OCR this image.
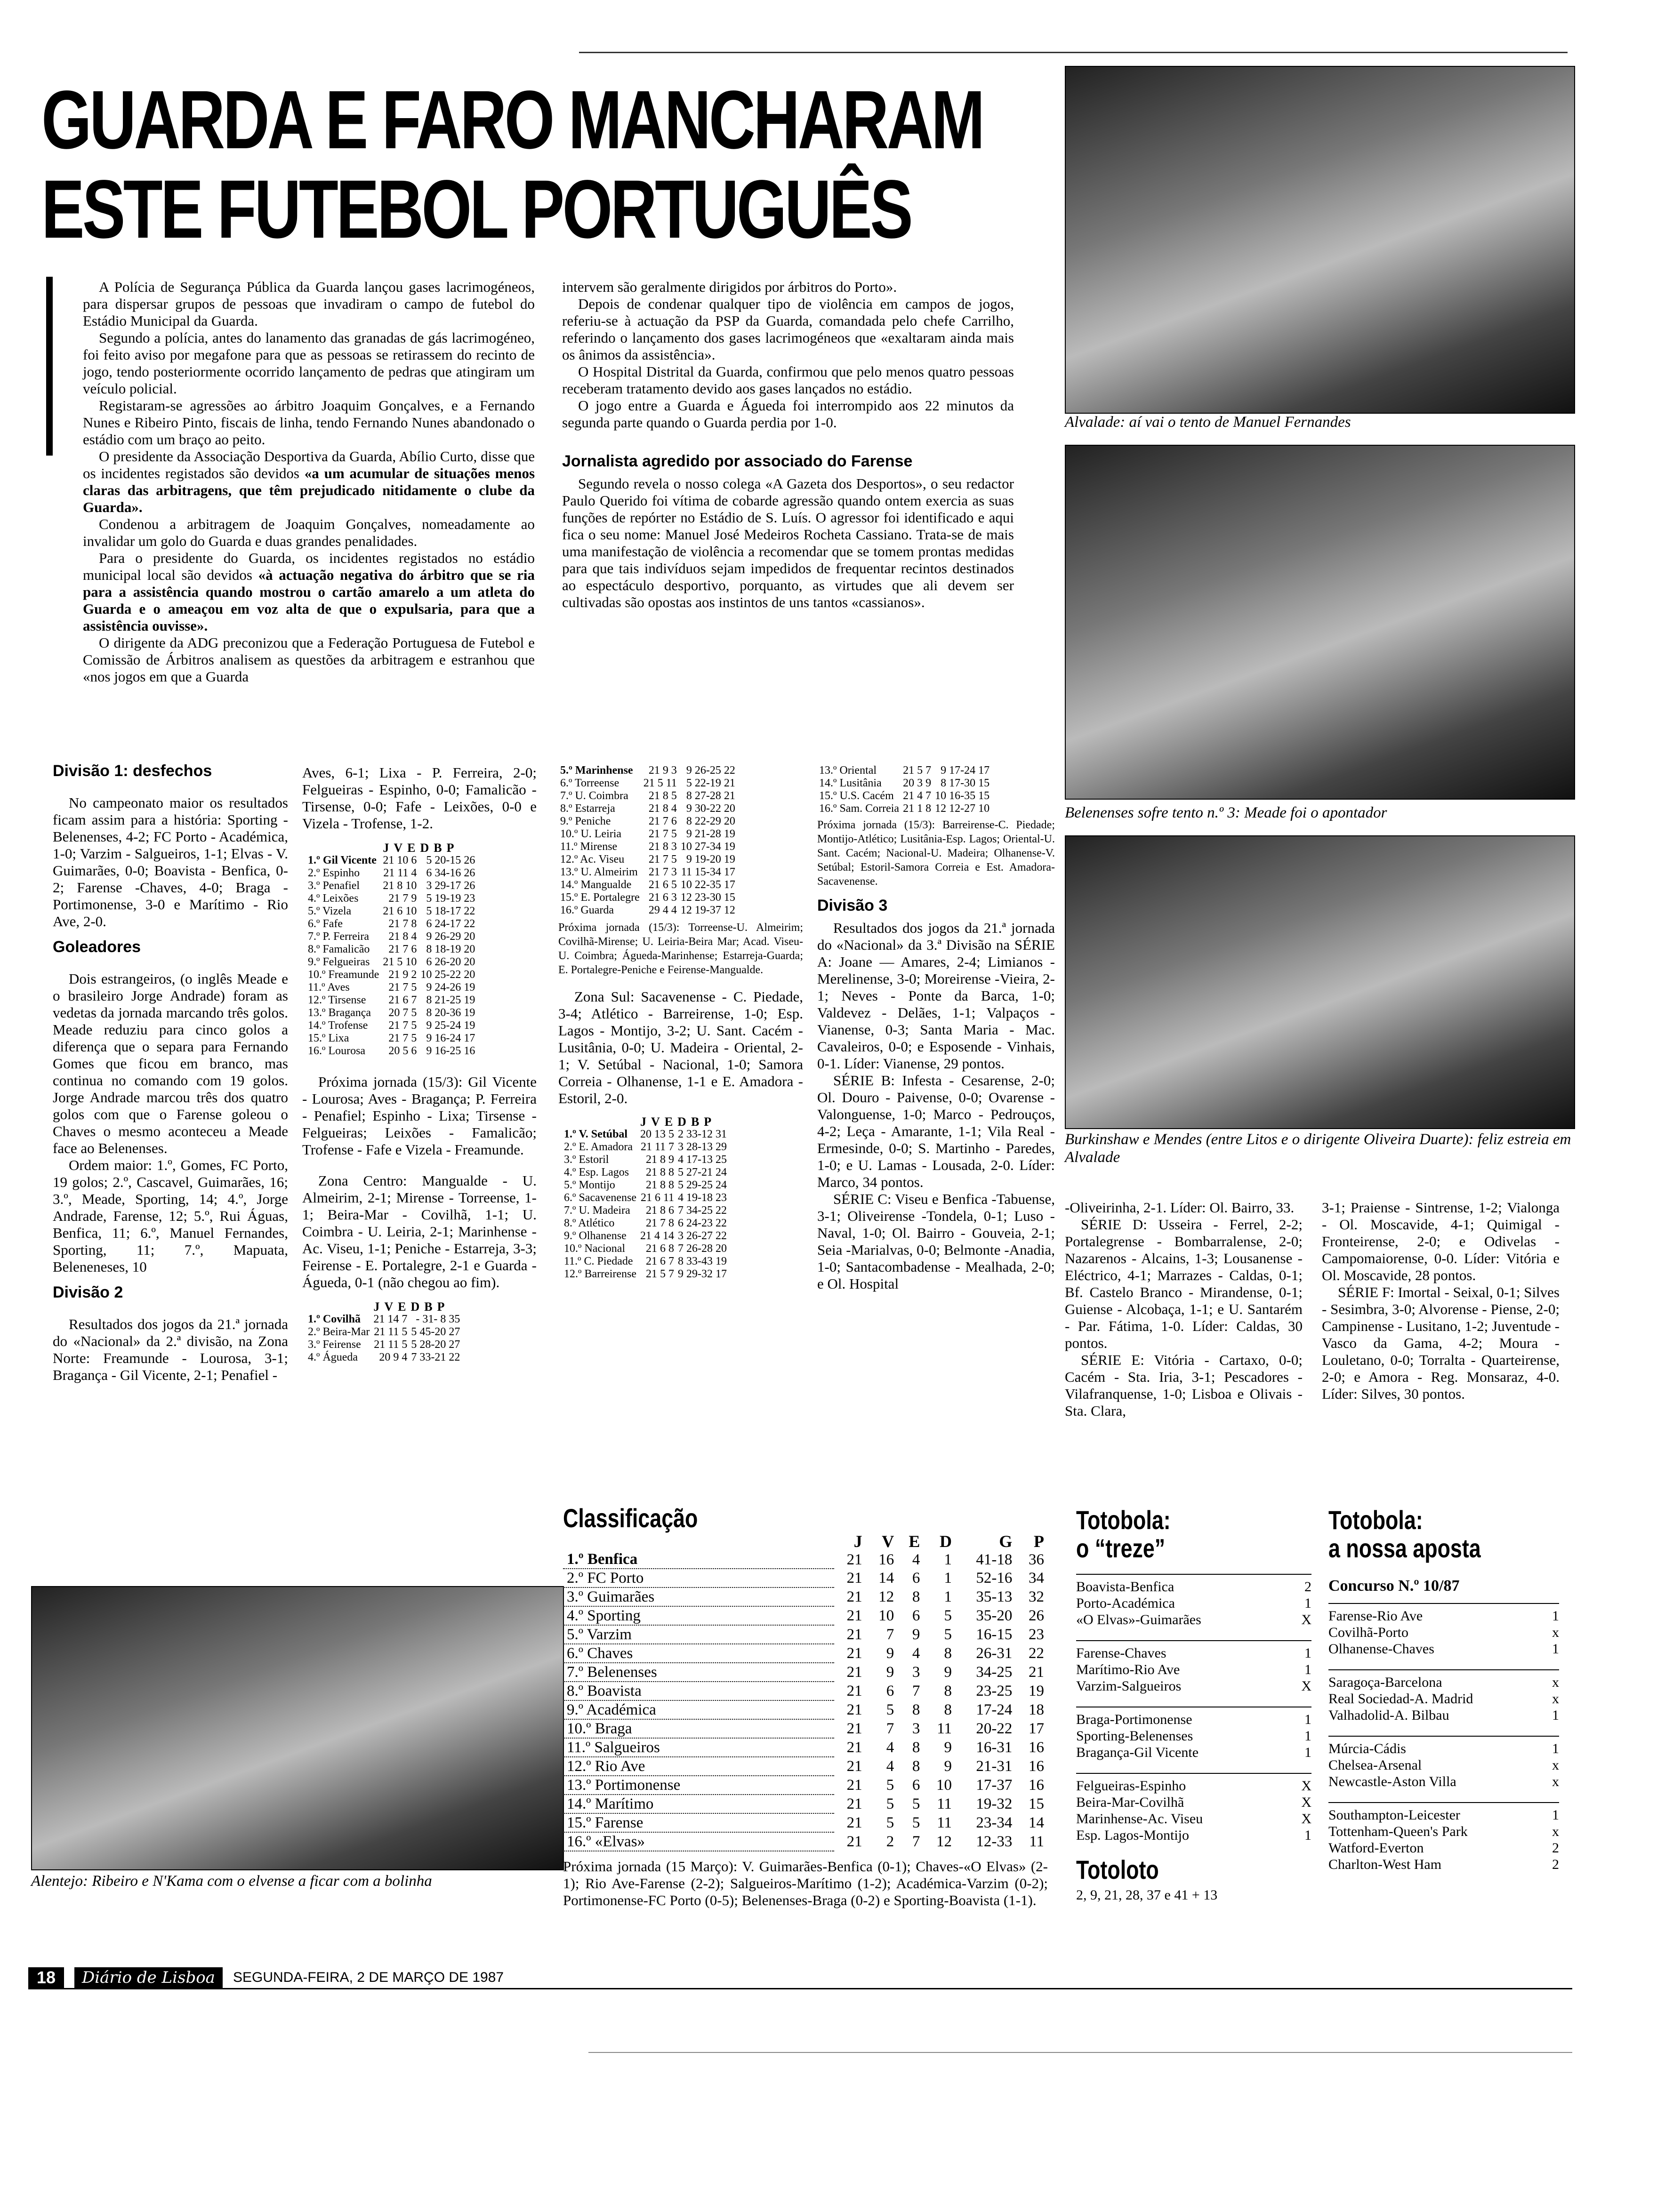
GUARDA E FARO MANCHARAM
ESTE FUTEBOL PORTUGUÊS

A Polícia de Segurança Pública da Guarda lançou gases lacrimogéneos, para dispersar grupos de pessoas que invadiram o campo de futebol do Estádio Municipal da Guarda.

Segundo a polícia, antes do lanamento das granadas de gás lacrimogéneo, foi feito aviso por megafone para que as pessoas se retirassem do recinto de jogo, tendo posteriormente ocorrido lançamento de pedras que atingiram um veículo policial.

Registaram-se agressões ao árbitro Joaquim Gonçalves, e a Fernando Nunes e Ribeiro Pinto, fiscais de linha, tendo Fernando Nunes abandonado o estádio com um braço ao peito.

O presidente da Associação Desportiva da Guarda, Abílio Curto, disse que os incidentes registados são devidos «a um acumular de situações menos claras das arbitragens, que têm prejudicado nitidamente o clube da Guarda».

Condenou a arbitragem de Joaquim Gonçalves, nomeadamente ao invalidar um golo do Guarda e duas grandes penalidades.

Para o presidente do Guarda, os incidentes registados no estádio municipal local são devidos «à actuação negativa do árbitro que se ria para a assistência quando mostrou o cartão amarelo a um atleta do Guarda e o ameaçou em voz alta de que o expulsaria, para que a assistência ouvisse».

O dirigente da ADG preconizou que a Federação Portuguesa de Futebol e Comissão de Árbitros analisem as questões da arbitragem e estranhou que «nos jogos em que a Guarda

intervem são geralmente dirigidos por árbitros do Porto».

Depois de condenar qualquer tipo de violência em campos de jogos, referiu-se à actuação da PSP da Guarda, comandada pelo chefe Carrilho, referindo o lançamento dos gases lacrimogéneos que «exaltaram ainda mais os ânimos da assistência».

O Hospital Distrital da Guarda, confirmou que pelo menos quatro pessoas receberam tratamento devido aos gases lançados no estádio.

O jogo entre a Guarda e Águeda foi interrompido aos 22 minutos da segunda parte quando o Guarda perdia por 1-0.

Jornalista agredido por associado do Farense

Segundo revela o nosso colega «A Gazeta dos Desportos», o seu redactor Paulo Querido foi vítima de cobarde agressão quando ontem exercia as suas funções de repórter no Estádio de S. Luís. O agressor foi identificado e aqui fica o seu nome: Manuel José Medeiros Rocheta Cassiano. Trata-se de mais uma manifestação de violência a recomendar que se tomem prontas medidas para que tais indivíduos sejam impedidos de frequentar recintos destinados ao espectáculo desportivo, porquanto, as virtudes que ali devem ser cultivadas são opostas aos instintos de uns tantos «cassianos».

Alvalade: aí vai o tento de Manuel Fernandes
Belenenses sofre tento n.º 3: Meade foi o apontador
Burkinshaw e Mendes (entre Litos e o dirigente Oliveira Duarte): feliz estreia em Alvalade
Divisão 1: desfechos

No campeonato maior os resultados ficam assim para a história: Sporting - Belenenses, 4-2; FC Porto - Académica, 1-0; Varzim - Salgueiros, 1-1; Elvas - V. Guimarães, 0-0; Boavista - Benfica, 0-2; Farense -Chaves, 4-0; Braga - Portimonense, 3-0 e Marítimo - Rio Ave, 2-0.

Goleadores

Dois estrangeiros, (o inglês Meade e o brasileiro Jorge Andrade) foram as vedetas da jornada marcando três golos. Meade reduziu para cinco golos a diferença que o separa para Fernando Gomes que ficou em branco, mas continua no comando com 19 golos. Jorge Andrade marcou três dos quatro golos com que o Farense goleou o Chaves o mesmo aconteceu a Meade face ao Belenenses.

Ordem maior: 1.º, Gomes, FC Porto, 19 golos; 2.º, Cascavel, Guimarães, 16; 3.º, Meade, Sporting, 14; 4.º, Jorge Andrade, Farense, 12; 5.º, Rui Águas, Benfica, 11; 6.º, Manuel Fernandes, Sporting, 11; 7.º, Mapuata, Beleneneses, 10

Divisão 2

Resultados dos jogos da 21.ª jornada do «Nacional» da 2.ª divisão, na Zona Norte: Freamunde - Lourosa, 3-1; Bragança - Gil Vicente, 2-1; Penafiel -

Alentejo: Ribeiro e N'Kama com o elvense a ficar com a bolinha

Aves, 6-1; Lixa - P. Ferreira, 2-0; Felgueiras - Espinho, 0-0; Famalicão - Tirsense, 0-0; Fafe - Leixões, 0-0 e Vizela - Trofense, 1-2.

	JVEDBP	
1.º Gil Vicente	21 10 6	5 20-15 26
2.º Espinho	21 11 4	6 34-16 26
3.º Penafiel	21 8 10	3 29-17 26
4.º Leixões	21 7 9	5 19-19 23
5.º Vizela	21 6 10	5 18-17 22
6.º Fafe	21 7 8	6 24-17 22
7.º P. Ferreira	21 8 4	9 26-29 20
8.º Famalicão	21 7 6	8 18-19 20
9.º Felgueiras	21 5 10	6 26-20 20
10.º Freamunde	21 9 2	10 25-22 20
11.º Aves	21 7 5	9 24-26 19
12.º Tirsense	21 6 7	8 21-25 19
13.º Bragança	20 7 5	8 20-36 19
14.º Trofense	21 7 5	9 25-24 19
15.º Lixa	21 7 5	9 16-24 17
16.º Lourosa	20 5 6	9 16-25 16

Próxima jornada (15/3): Gil Vicente - Lourosa; Aves - Bragança; P. Ferreira - Penafiel; Espinho - Lixa; Tirsense - Felgueiras; Leixões - Famalicão; Trofense - Fafe e Vizela - Freamunde.

Zona Centro: Mangualde - U. Almeirim, 2-1; Mirense - Torreense, 1-1; Beira-Mar - Covilhã, 1-1; U. Coimbra - U. Leiria, 2-1; Marinhense - Ac. Viseu, 1-1; Peniche - Estarreja, 3-3; Feirense - E. Portalegre, 2-1 e Guarda - Águeda, 0-1 (não chegou ao fim).

	JVEDBP	
1.º Covilhã	21 14 7	- 31- 8 35
2.º Beira-Mar	21 11 5	5 45-20 27
3.º Feirense	21 11 5	5 28-20 27
4.º Águeda	20 9 4	7 33-21 22
5.º Marinhense	21 9 3	9 26-25 22
6.º Torreense	21 5 11	5 22-19 21
7.º U. Coimbra	21 8 5	8 27-28 21
8.º Estarreja	21 8 4	9 30-22 20
9.º Peniche	21 7 6	8 22-29 20
10.º U. Leiria	21 7 5	9 21-28 19
11.º Mirense	21 8 3	10 27-34 19
12.º Ac. Viseu	21 7 5	9 19-20 19
13.º U. Almeirim	21 7 3	11 15-34 17
14.º Mangualde	21 6 5	10 22-35 17
15.º E. Portalegre	21 6 3	12 23-30 15
16.º Guarda	29 4 4	12 19-37 12

Próxima jornada (15/3): Torreense-U. Almeirim; Covilhã-Mirense; U. Leiria-Beira Mar; Acad. Viseu-U. Coimbra; Águeda-Marinhense; Estarreja-Guarda; E. Portalegre-Peniche e Feirense-Mangualde.

Zona Sul: Sacavenense - C. Piedade, 3-4; Atlético - Barreirense, 1-0; Esp. Lagos - Montijo, 3-2; U. Sant. Cacém - Lusitânia, 0-0; U. Madeira - Oriental, 2-1; V. Setúbal - Nacional, 1-0; Samora Correia - Olhanense, 1-1 e E. Amadora - Estoril, 2-0.

	JVEDBP	
1.º V. Setúbal	20 13 5	2 33-12 31
2.º E. Amadora	21 11 7	3 28-13 29
3.º Estoril	21 8 9	4 17-13 25
4.º Esp. Lagos	21 8 8	5 27-21 24
5.º Montijo	21 8 8	5 29-25 24
6.º Sacavenense	21 6 11	4 19-18 23
7.º U. Madeira	21 8 6	7 34-25 22
8.º Atlético	21 7 8	6 24-23 22
9.º Olhanense	21 4 14	3 26-27 22
10.º Nacional	21 6 8	7 26-28 20
11.º C. Piedade	21 6 7	8 33-43 19
12.º Barreirense	21 5 7	9 29-32 17
13.º Oriental	21 5 7	9 17-24 17
14.º Lusitânia	20 3 9	8 17-30 15
15.º U.S. Cacém	21 4 7	10 16-35 15
16.º Sam. Correia	21 1 8	12 12-27 10

Próxima jornada (15/3): Barreirense-C. Piedade; Montijo-Atlético; Lusitânia-Esp. Lagos; Oriental-U. Sant. Cacém; Nacional-U. Madeira; Olhanense-V. Setúbal; Estoril-Samora Correia e Est. Amadora-Sacavenense.

Divisão 3

Resultados dos jogos da 21.ª jornada do «Nacional» da 3.ª Divisão na SÉRIE A: Joane — Amares, 2-4; Limianos - Merelinense, 3-0; Moreirense -Vieira, 2-1; Neves - Ponte da Barca, 1-0; Valdevez - Delães, 1-1; Valpaços - Vianense, 0-3; Santa Maria - Mac. Cavaleiros, 0-0; e Esposende - Vinhais, 0-1. Líder: Vianense, 29 pontos.

SÉRIE B: Infesta - Cesarense, 2-0; Ol. Douro - Paivense, 0-0; Ovarense - Valonguense, 1-0; Marco - Pedrouços, 4-2; Leça - Amarante, 1-1; Vila Real - Ermesinde, 0-0; S. Martinho - Paredes, 1-0; e U. Lamas - Lousada, 2-0. Líder: Marco, 34 pontos.

SÉRIE C: Viseu e Benfica -Tabuense, 3-1; Oliveirense -Tondela, 0-1; Luso - Naval, 1-0; Ol. Bairro - Gouveia, 2-1; Seia -Marialvas, 0-0; Belmonte -Anadia, 1-0; Santacombadense - Mealhada, 2-0; e Ol. Hospital

-Oliveirinha, 2-1. Líder: Ol. Bairro, 33.

SÉRIE D: Usseira - Ferrel, 2-2; Portalegrense - Bombarralense, 2-0; Nazarenos - Alcains, 1-3; Lousanense - Eléctrico, 4-1; Marrazes - Caldas, 0-1; Bf. Castelo Branco - Mirandense, 0-1; Guiense - Alcobaça, 1-1; e U. Santarém - Par. Fátima, 1-0. Líder: Caldas, 30 pontos.

SÉRIE E: Vitória - Cartaxo, 0-0; Cacém - Sta. Iria, 3-1; Pescadores - Vilafranquense, 1-0; Lisboa e Olivais - Sta. Clara,

3-1; Praiense - Sintrense, 1-2; Vialonga - Ol. Moscavide, 4-1; Quimigal - Fronteirense, 2-0; e Odivelas - Campomaiorense, 0-0. Líder: Vitória e Ol. Moscavide, 28 pontos.

SÉRIE F: Imortal - Seixal, 0-1; Silves - Sesimbra, 3-0; Alvorense - Piense, 2-0; Campinense - Lusitano, 1-2; Juventude - Vasco da Gama, 4-2; Moura - Louletano, 0-0; Torralta - Quarteirense, 2-0; e Amora - Reg. Monsaraz, 4-0. Líder: Silves, 30 pontos.

Classificação
	J	V	E	D	G	P
1.º Benfica	21	16	4	1	41-18	36
2.º FC Porto	21	14	6	1	52-16	34
3.º Guimarães	21	12	8	1	35-13	32
4.º Sporting	21	10	6	5	35-20	26
5.º Varzim	21	7	9	5	16-15	23
6.º Chaves	21	9	4	8	26-31	22
7.º Belenenses	21	9	3	9	34-25	21
8.º Boavista	21	6	7	8	23-25	19
9.º Académica	21	5	8	8	17-24	18
10.º Braga	21	7	3	11	20-22	17
11.º Salgueiros	21	4	8	9	16-31	16
12.º Rio Ave	21	4	8	9	21-31	16
13.º Portimonense	21	5	6	10	17-37	16
14.º Marítimo	21	5	5	11	19-32	15
15.º Farense	21	5	5	11	23-34	14
16.º «Elvas»	21	2	7	12	12-33	11
Próxima jornada (15 Março): V. Guimarães-Benfica (0-1); Chaves-«O Elvas» (2-1); Rio Ave-Farense (2-2); Salgueiros-Marítimo (1-2); Académica-Varzim (0-2); Portimonense-FC Porto (0-5); Belenenses-Braga (0-2) e Sporting-Boavista (1-1).
Totobola:
o “treze”
Boavista-Benfica	2
Porto-Académica	1
«O Elvas»-Guimarães	X
Farense-Chaves	1
Marítimo-Rio Ave	1
Varzim-Salgueiros	X
Braga-Portimonense	1
Sporting-Belenenses	1
Bragança-Gil Vicente	1
Felgueiras-Espinho	X
Beira-Mar-Covilhã	X
Marinhense-Ac. Viseu	X
Esp. Lagos-Montijo	1
Totoloto
2, 9, 21, 28, 37 e 41 + 13
Totobola:
a nossa aposta
Concurso N.º 10/87
Farense-Rio Ave	1
Covilhã-Porto	x
Olhanense-Chaves	1
Saragoça-Barcelona	x
Real Sociedad-A. Madrid	x
Valhadolid-A. Bilbau	1
Múrcia-Cádis	1
Chelsea-Arsenal	x
Newcastle-Aston Villa	x
Southampton-Leicester	1
Tottenham-Queen's Park	x
Watford-Everton	2
Charlton-West Ham	2
18	Diário de Lisboa	SEGUNDA-FEIRA, 2 DE MARÇO DE 1987
